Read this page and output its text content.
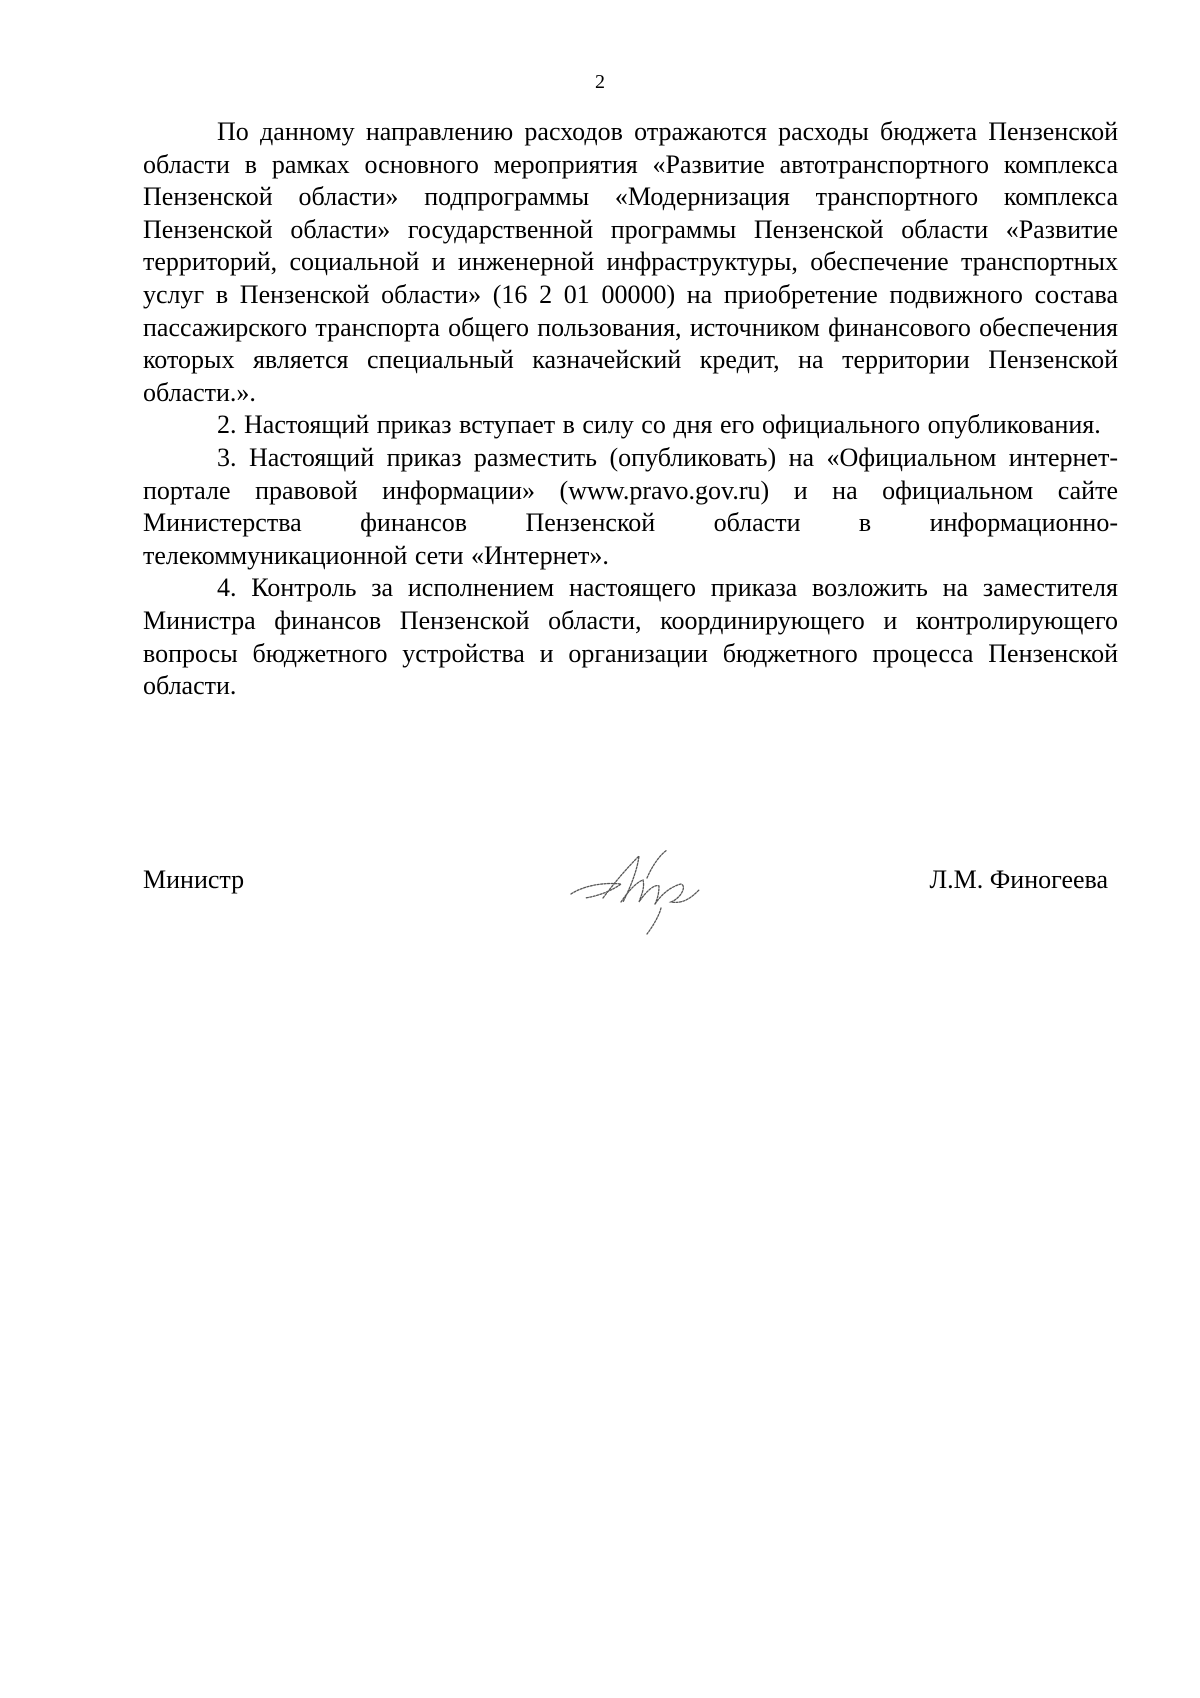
2

По данному направлению расходов отражаются расходы бюджета Пензенской области в рамках основного мероприятия «Развитие автотранспортного комплекса Пензенской области» подпрограммы «Модернизация транспортного комплекса Пензенской области» государственной программы Пензенской области «Развитие территорий, социальной и инженерной инфраструктуры, обеспечение транспортных услуг в Пензенской области» (16 2 01 00000) на приобретение подвижного состава пассажирского транспорта общего пользования, источником финансового обеспечения которых является специальный казначейский кредит, на территории Пензенской области.».

2. Настоящий приказ вступает в силу со дня его официального опубликования.

3. Настоящий приказ разместить (опубликовать) на «Официальном интернет-портале правовой информации» (www.pravo.gov.ru) и на официальном сайте Министерства финансов Пензенской области в информационно-телекоммуникационной сети «Интернет».

4. Контроль за исполнением настоящего приказа возложить на заместителя Министра финансов Пензенской области, координирующего и контролирующего вопросы бюджетного устройства и организации бюджетного процесса Пензенской области.

Министр	Л.М. Финогеева
